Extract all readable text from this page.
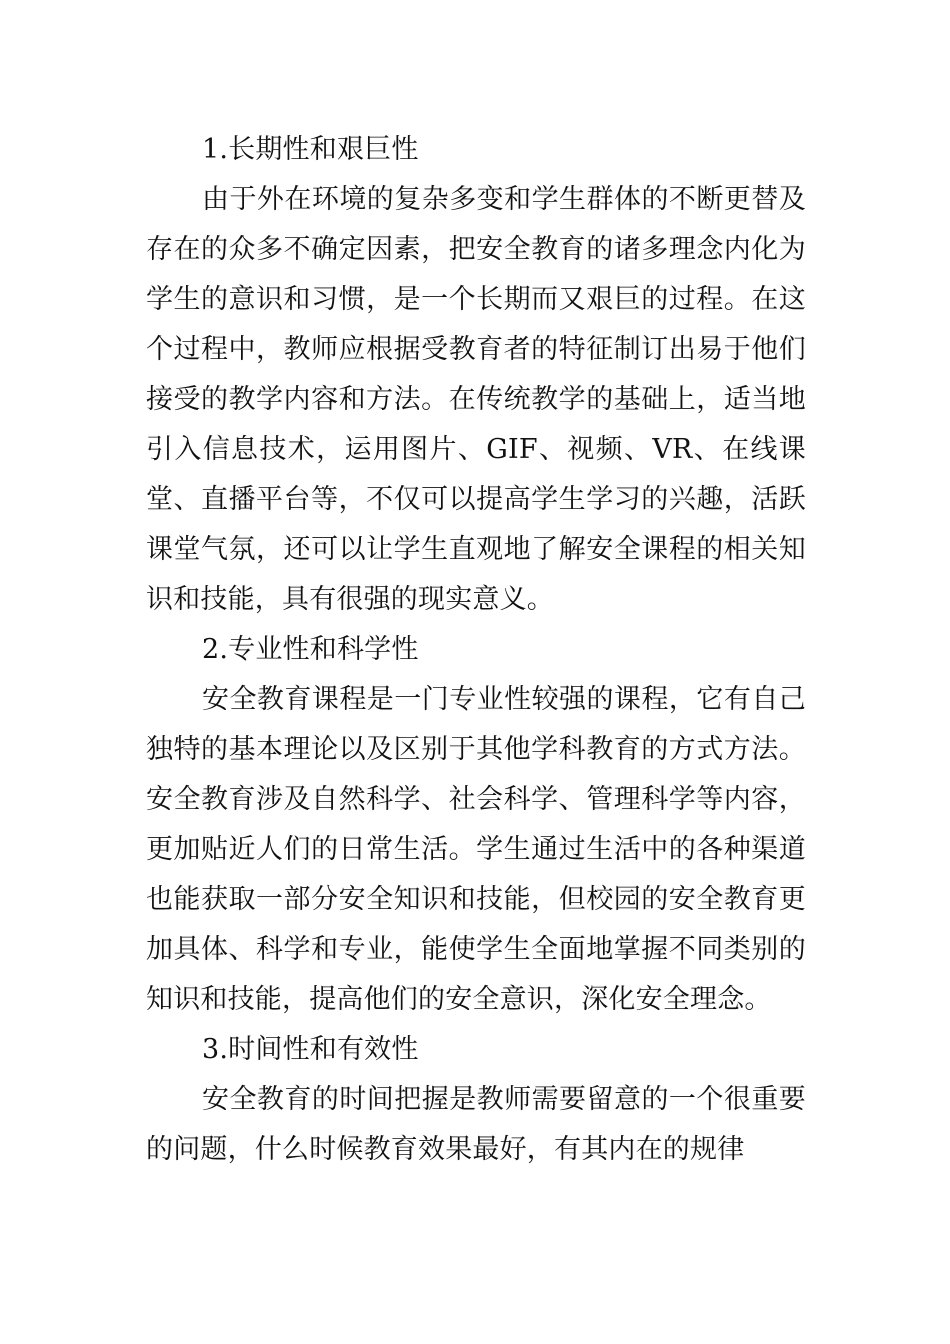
1.长期性和艰巨性

由于外在环境的复杂多变和学生群体的不断更替及存在的众多不确定因素，把安全教育的诸多理念内化为学生的意识和习惯，是一个长期而又艰巨的过程。在这个过程中，教师应根据受教育者的特征制订出易于他们接受的教学内容和方法。在传统教学的基础上，适当地引入信息技术，运用图片、GIF、视频、VR、在线课堂、直播平台等，不仅可以提高学生学习的兴趣，活跃课堂气氛，还可以让学生直观地了解安全课程的相关知识和技能，具有很强的现实意义。

2.专业性和科学性

安全教育课程是一门专业性较强的课程，它有自己独特的基本理论以及区别于其他学科教育的方式方法。安全教育涉及自然科学、社会科学、管理科学等内容，更加贴近人们的日常生活。学生通过生活中的各种渠道也能获取一部分安全知识和技能，但校园的安全教育更加具体、科学和专业，能使学生全面地掌握不同类别的知识和技能，提高他们的安全意识，深化安全理念。

3.时间性和有效性

安全教育的时间把握是教师需要留意的一个很重要的问题，什么时候教育效果最好，有其内在的规律
